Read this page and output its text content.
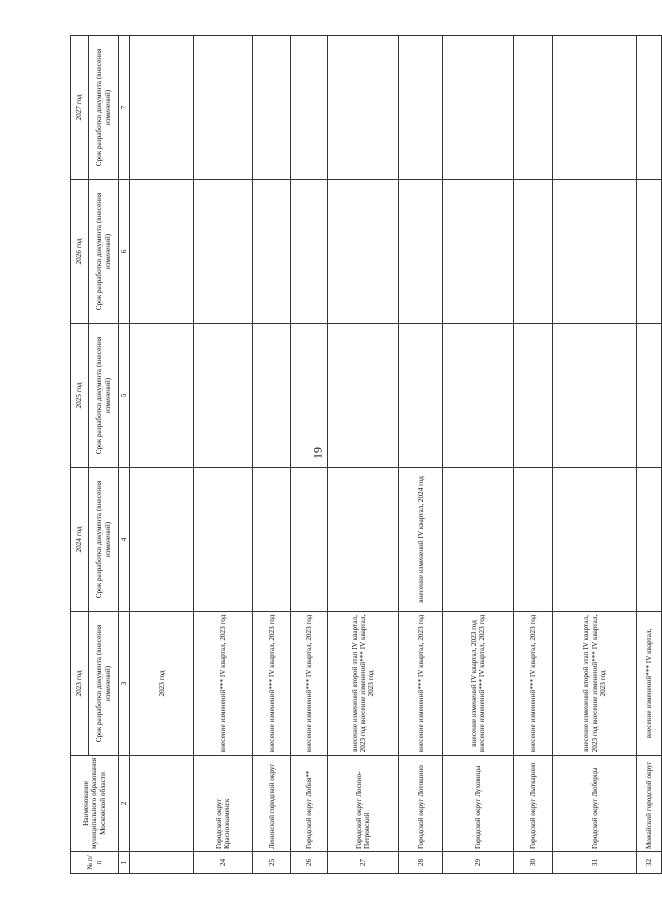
19
№ п/п	Наименование муниципального образования Московской области	2023 год	2024 год	2025 год	2026 год	2027 год
		Срок разработки документа (внесения изменений)	Срок разработки документа (внесения изменений)	Срок разработки документа (внесения изменений)	Срок разработки документа (внесения изменений)	Срок разработки документа (внесения изменений)
1	2	3	4	5	6	7
		2023 год				
24	Городской округ Краснознаменск	внесение изменений*** IV квартал, 2023 год				
25	Ленинский городской округ	внесение изменений*** IV квартал, 2023 год				
26	Городской округ Лобня**	внесение изменений*** IV квартал, 2023 год				
27	Городской округ Лосино-Петровский	внесение изменений второй этап IV квартал, 2023 год внесение изменений*** IV квартал, 2023 год				
28	Городской округ Лотошино	внесение изменений*** IV квартал, 2023 год	внесение изменений IV квартал, 2024 год			
29	Городской округ Луховицы	внесение изменений IV квартал, 2023 год внесение изменений*** IV квартал, 2023 год				
30	Городской округ Лыткарино	внесение изменений*** IV квартал, 2023 год				
31	Городской округ Люберцы	внесение изменений второй этап IV квартал, 2023 год внесение изменений*** IV квартал, 2023 год				
32	Можайский городской округ	внесение изменений*** IV квартал,				
